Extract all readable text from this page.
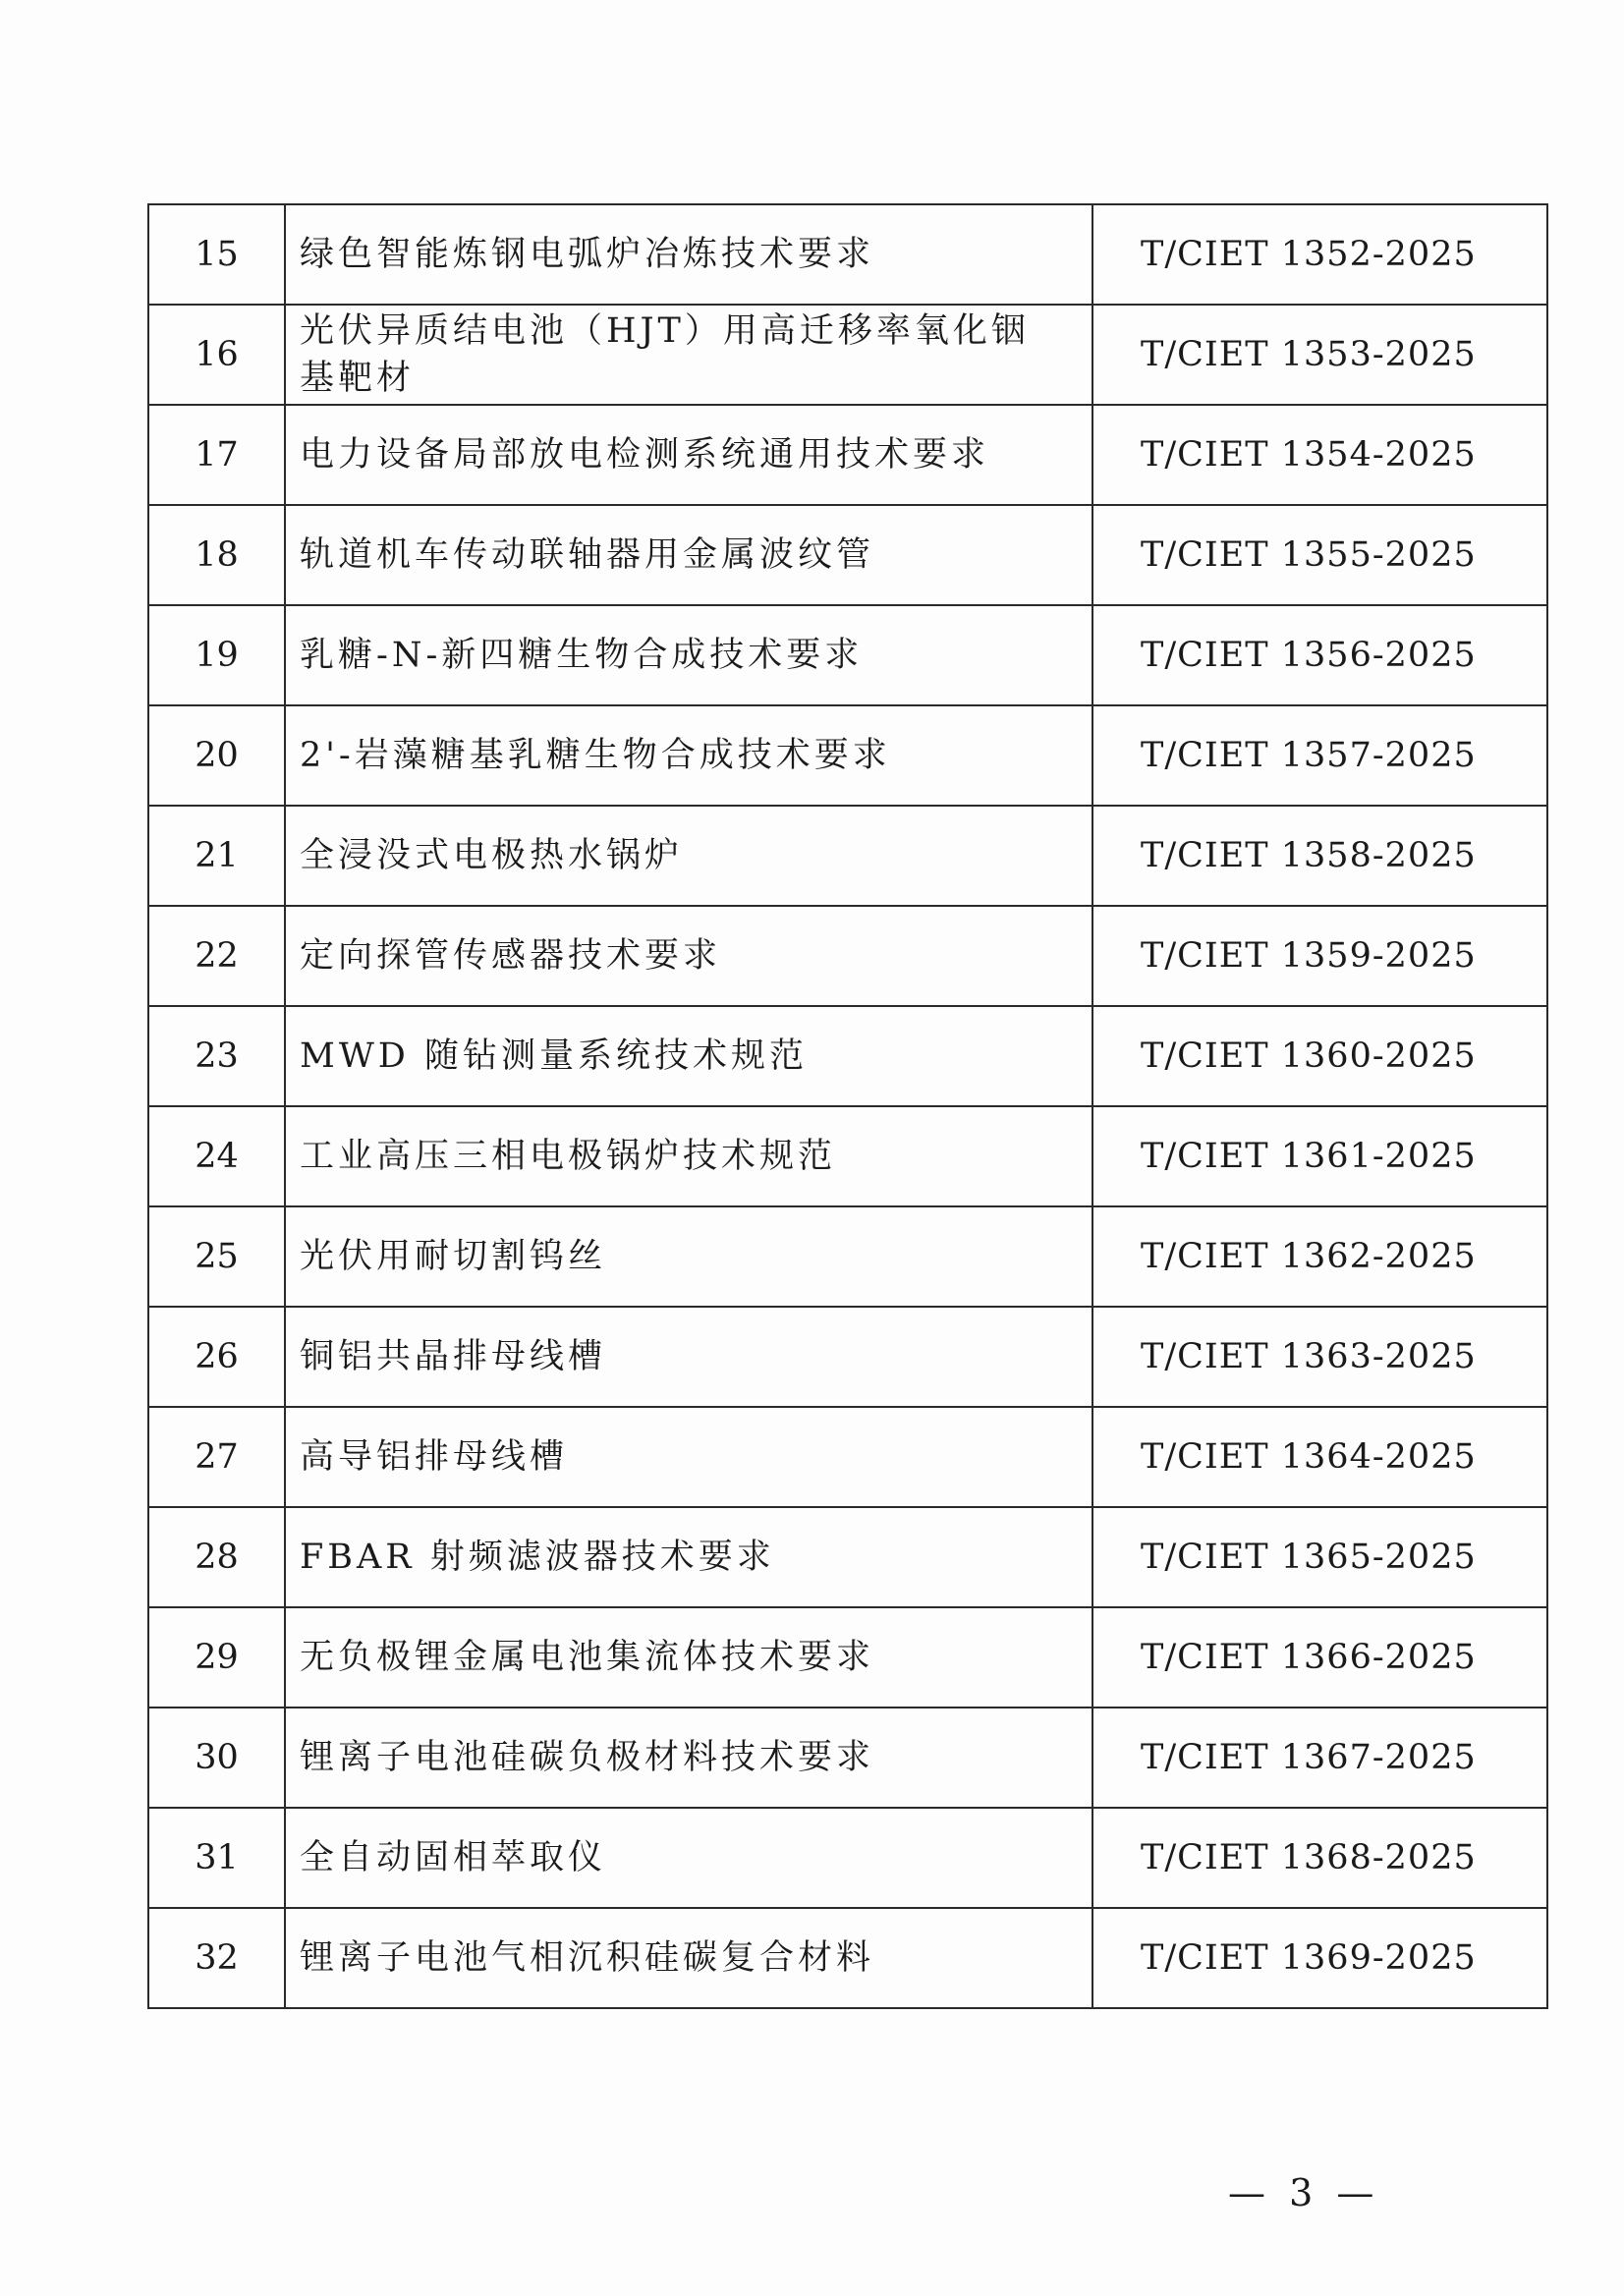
15	绿色智能炼钢电弧炉冶炼技术要求	T/CIET 1352-2025
16	光伏异质结电池（HJT）用高迁移率氧化铟基靶材	T/CIET 1353-2025
17	电力设备局部放电检测系统通用技术要求	T/CIET 1354-2025
18	轨道机车传动联轴器用金属波纹管	T/CIET 1355-2025
19	乳糖-N-新四糖生物合成技术要求	T/CIET 1356-2025
20	2'-岩藻糖基乳糖生物合成技术要求	T/CIET 1357-2025
21	全浸没式电极热水锅炉	T/CIET 1358-2025
22	定向探管传感器技术要求	T/CIET 1359-2025
23	MWD 随钻测量系统技术规范	T/CIET 1360-2025
24	工业高压三相电极锅炉技术规范	T/CIET 1361-2025
25	光伏用耐切割钨丝	T/CIET 1362-2025
26	铜铝共晶排母线槽	T/CIET 1363-2025
27	高导铝排母线槽	T/CIET 1364-2025
28	FBAR 射频滤波器技术要求	T/CIET 1365-2025
29	无负极锂金属电池集流体技术要求	T/CIET 1366-2025
30	锂离子电池硅碳负极材料技术要求	T/CIET 1367-2025
31	全自动固相萃取仪	T/CIET 1368-2025
32	锂离子电池气相沉积硅碳复合材料	T/CIET 1369-2025
— 3 —
